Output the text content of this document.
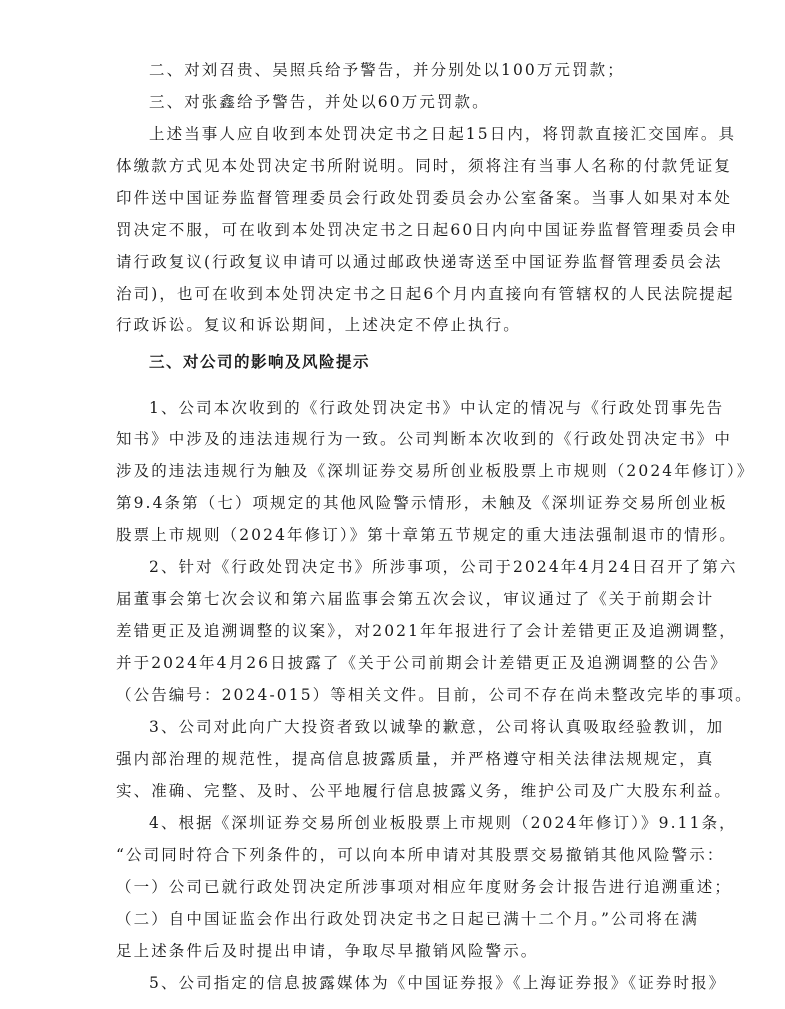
二、对刘召贵、吴照兵给予警告，并分别处以100万元罚款；
三、对张鑫给予警告，并处以60万元罚款。
上述当事人应自收到本处罚决定书之日起15日内，将罚款直接汇交国库。具
体缴款方式见本处罚决定书所附说明。同时，须将注有当事人名称的付款凭证复
印件送中国证券监督管理委员会行政处罚委员会办公室备案。当事人如果对本处
罚决定不服，可在收到本处罚决定书之日起60日内向中国证券监督管理委员会申
请行政复议(行政复议申请可以通过邮政快递寄送至中国证券监督管理委员会法
治司)，也可在收到本处罚决定书之日起6个月内直接向有管辖权的人民法院提起
行政诉讼。复议和诉讼期间，上述决定不停止执行。
三、对公司的影响及风险提示
1、公司本次收到的《行政处罚决定书》中认定的情况与《行政处罚事先告
知书》中涉及的违法违规行为一致。公司判断本次收到的《行政处罚决定书》中
涉及的违法违规行为触及《深圳证券交易所创业板股票上市规则（2024年修订）》
第9.4条第（七）项规定的其他风险警示情形，未触及《深圳证券交易所创业板
股票上市规则（2024年修订）》第十章第五节规定的重大违法强制退市的情形。
2、针对《行政处罚决定书》所涉事项，公司于2024年4月24日召开了第六
届董事会第七次会议和第六届监事会第五次会议，审议通过了《关于前期会计
差错更正及追溯调整的议案》，对2021年年报进行了会计差错更正及追溯调整，
并于2024年4月26日披露了《关于公司前期会计差错更正及追溯调整的公告》
（公告编号：2024-015）等相关文件。目前，公司不存在尚未整改完毕的事项。
3、公司对此向广大投资者致以诚挚的歉意，公司将认真吸取经验教训，加
强内部治理的规范性，提高信息披露质量，并严格遵守相关法律法规规定，真
实、准确、完整、及时、公平地履行信息披露义务，维护公司及广大股东利益。
4、根据《深圳证券交易所创业板股票上市规则（2024年修订）》9.11条，
“公司同时符合下列条件的，可以向本所申请对其股票交易撤销其他风险警示：
（一）公司已就行政处罚决定所涉事项对相应年度财务会计报告进行追溯重述；
（二）自中国证监会作出行政处罚决定书之日起已满十二个月。”公司将在满
足上述条件后及时提出申请，争取尽早撤销风险警示。
5、公司指定的信息披露媒体为《中国证券报》《上海证券报》《证券时报》
